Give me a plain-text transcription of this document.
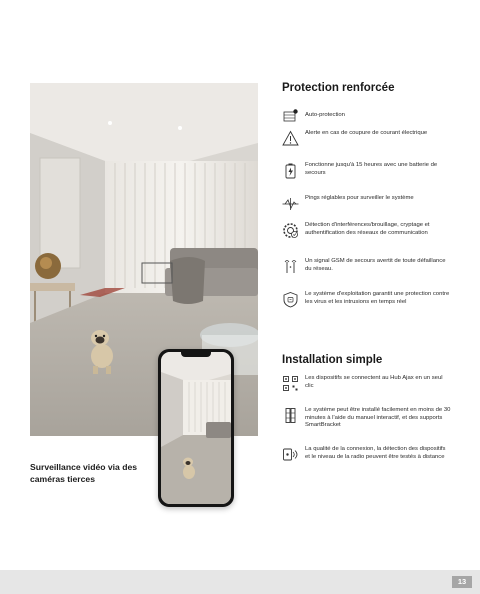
Surveillance vidéo via des caméras tierces
Protection renforcée
Auto-protection
Alerte en cas de coupure de courant électrique
Fonctionne jusqu'à 15 heures avec une batterie de secours
Pings réglables pour surveiller le système
Détection d'interférences/brouillage, cryptage et authentification des réseaux de communication
Un signal GSM de secours avertit de toute défaillance du réseau.
Le système d'exploitation garantit une protection contre les virus et les intrusions en temps réel
Installation simple
Les dispositifs se connectent au Hub Ajax en un seul clic
Le système peut être installé facilement en moins de 30 minutes à l'aide du manuel interactif, et des supports SmartBracket
La qualité de la connexion, la détection des dispositifs et le niveau de la radio peuvent être testés à distance
13
